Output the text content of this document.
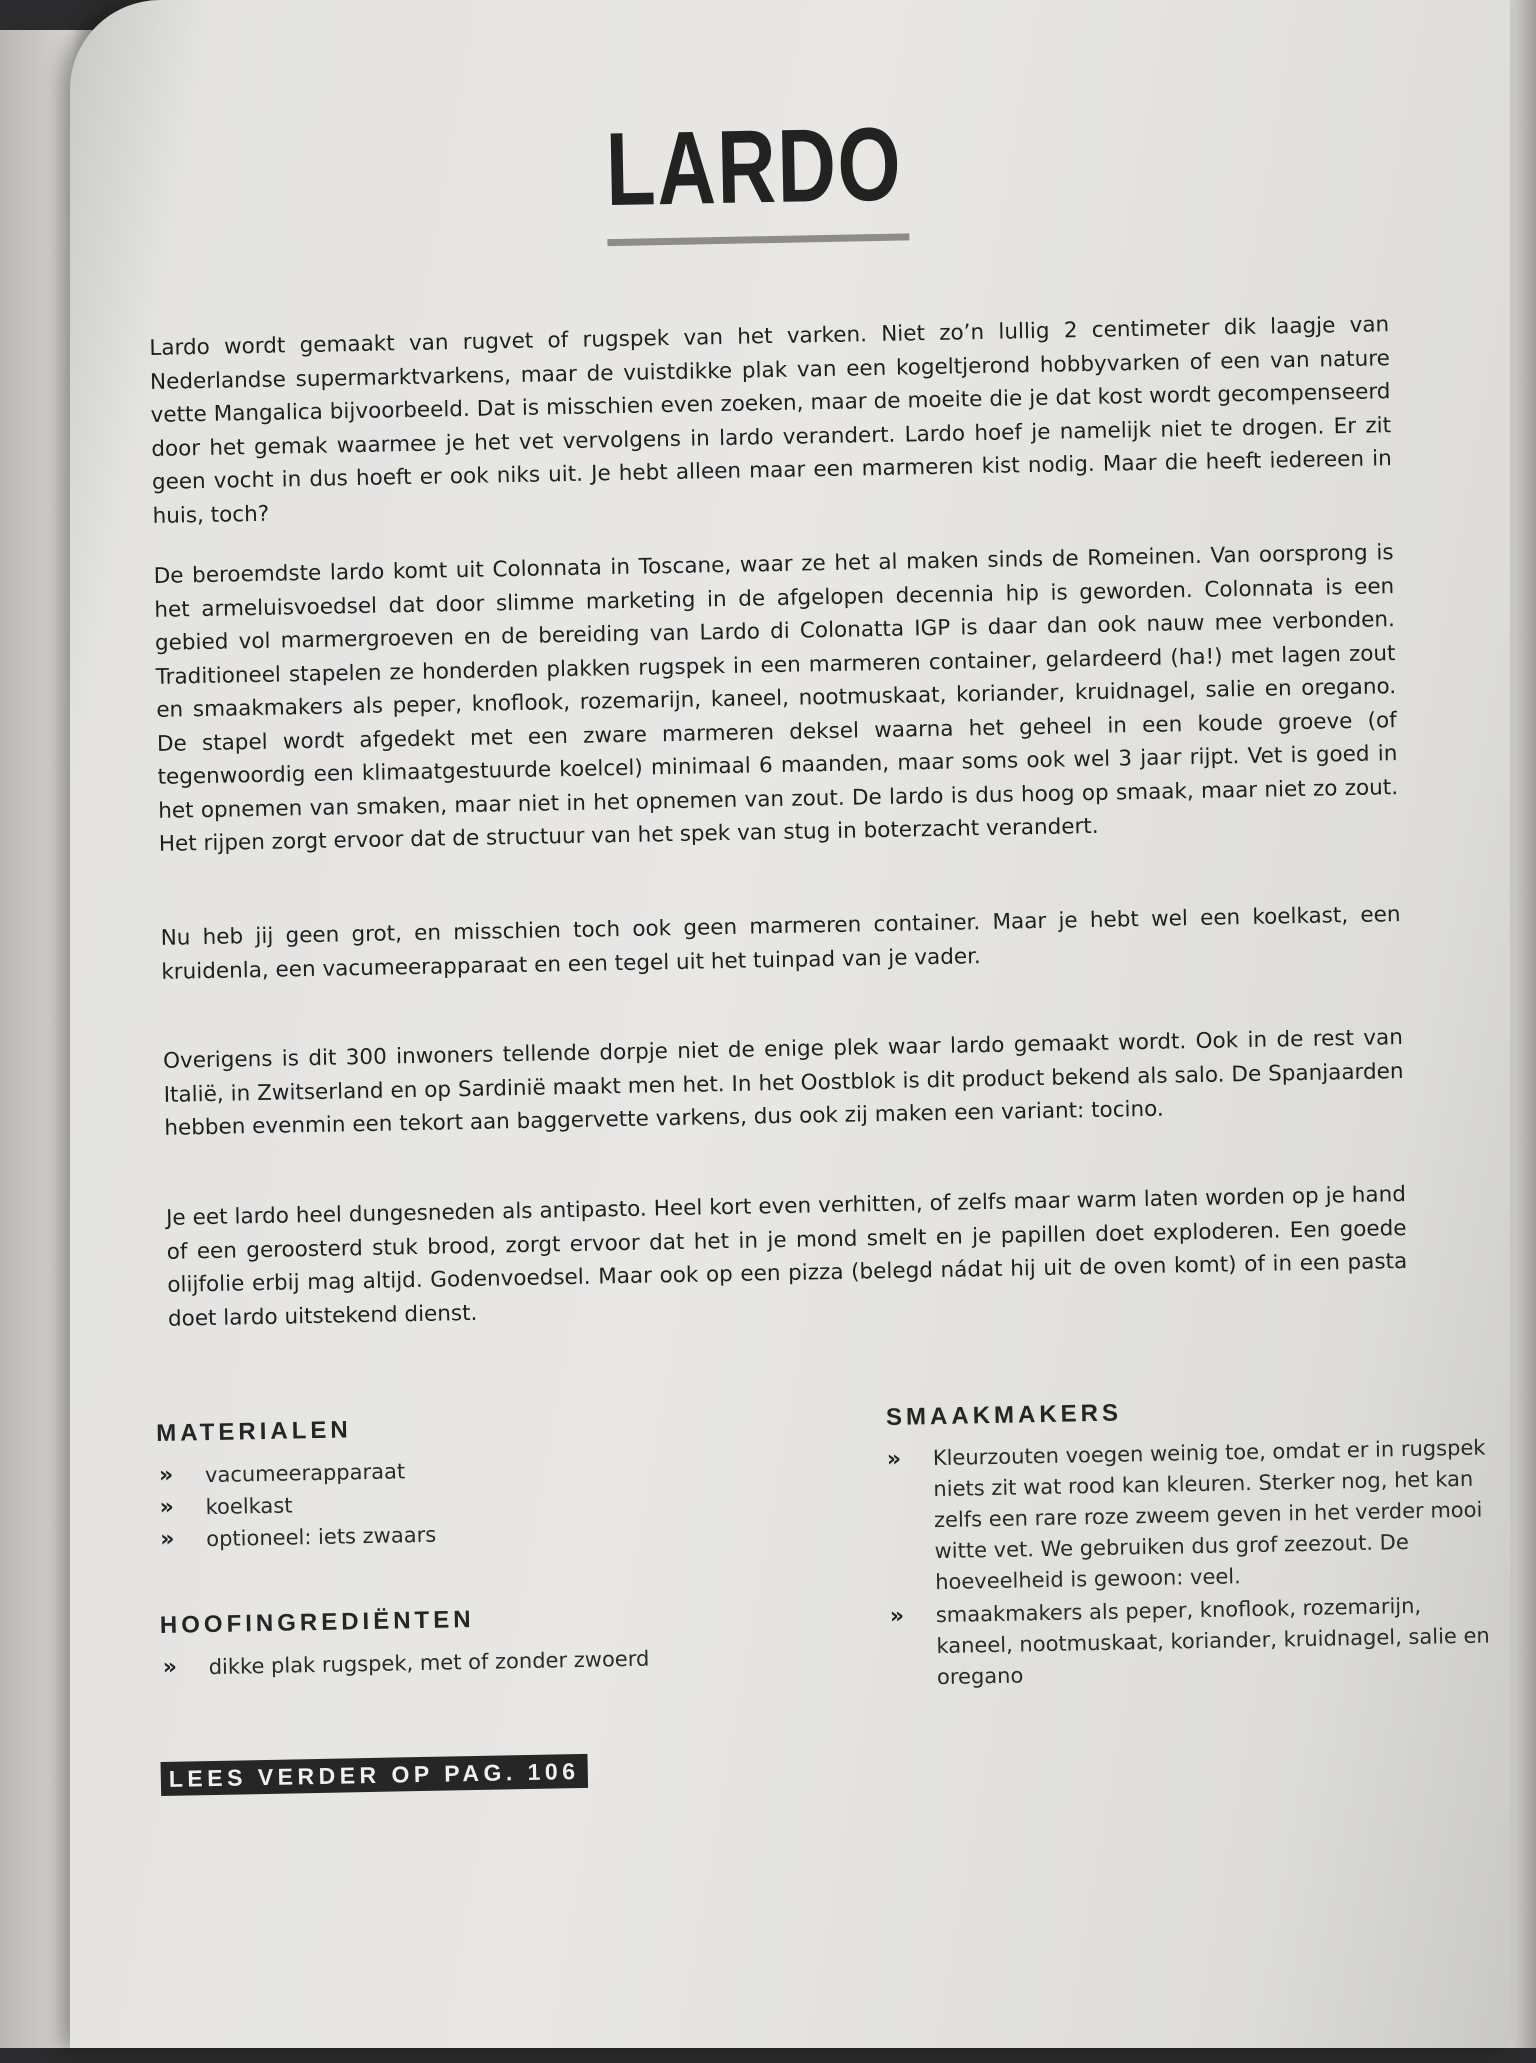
LARDO

Lardo wordt gemaakt van rugvet of rugspek van het varken. Niet zo’n lullig 2 centimeter dik laagje van Nederlandse supermarktvarkens, maar de vuistdikke plak van een kogeltjerond hobbyvarken of een van nature vette Mangalica bijvoorbeeld. Dat is misschien even zoeken, maar de moeite die je dat kost wordt gecompenseerd door het gemak waarmee je het vet vervolgens in lardo verandert. Lardo hoef je namelijk niet te drogen. Er zit geen vocht in dus hoeft er ook niks uit. Je hebt alleen maar een marmeren kist nodig. Maar die heeft iedereen in huis, toch?

De beroemdste lardo komt uit Colonnata in Toscane, waar ze het al maken sinds de Romeinen. Van oorsprong is het armeluisvoedsel dat door slimme marketing in de afgelopen decennia hip is geworden. Colonnata is een gebied vol marmergroeven en de bereiding van Lardo di Colonatta IGP is daar dan ook nauw mee verbonden. Traditioneel stapelen ze honderden plakken rugspek in een marmeren container, gelardeerd (ha!) met lagen zout en smaakmakers als peper, knoflook, rozemarijn, kaneel, nootmuskaat, koriander, kruidnagel, salie en oregano. De stapel wordt afgedekt met een zware marmeren deksel waarna het geheel in een koude groeve (of tegenwoordig een klimaatgestuurde koelcel) minimaal 6 maanden, maar soms ook wel 3 jaar rijpt. Vet is goed in het opnemen van smaken, maar niet in het opnemen van zout. De lardo is dus hoog op smaak, maar niet zo zout. Het rijpen zorgt ervoor dat de structuur van het spek van stug in boterzacht verandert.

Nu heb jij geen grot, en misschien toch ook geen marmeren container. Maar je hebt wel een koelkast, een kruidenla, een vacumeerapparaat en een tegel uit het tuinpad van je vader.

Overigens is dit 300 inwoners tellende dorpje niet de enige plek waar lardo gemaakt wordt. Ook in de rest van Italië, in Zwitserland en op Sardinië maakt men het. In het Oostblok is dit product bekend als salo. De Spanjaarden hebben evenmin een tekort aan baggervette varkens, dus ook zij maken een variant: tocino.

Je eet lardo heel dungesneden als antipasto. Heel kort even verhitten, of zelfs maar warm laten worden op je hand of een geroosterd stuk brood, zorgt ervoor dat het in je mond smelt en je papillen doet exploderen. Een goede olijfolie erbij mag altijd. Godenvoedsel. Maar ook op een pizza (belegd nádat hij uit de oven komt) of in een pasta doet lardo uitstekend dienst.

MATERIALEN
»	vacumeerapparaat
»	koelkast
»	optioneel: iets zwaars
HOOFINGREDIËNTEN
»	dikke plak rugspek, met of zonder zwoerd
SMAAKMAKERS
»	Kleurzouten voegen weinig toe, omdat er in rugspek niets zit wat rood kan kleuren. Sterker nog, het kan zelfs een rare roze zweem geven in het verder mooi witte vet. We gebruiken dus grof zeezout. De hoeveelheid is gewoon: veel.
»	smaakmakers als peper, knoflook, rozemarijn, kaneel, nootmuskaat, koriander, kruidnagel, salie en oregano
LEES VERDER OP PAG. 106
